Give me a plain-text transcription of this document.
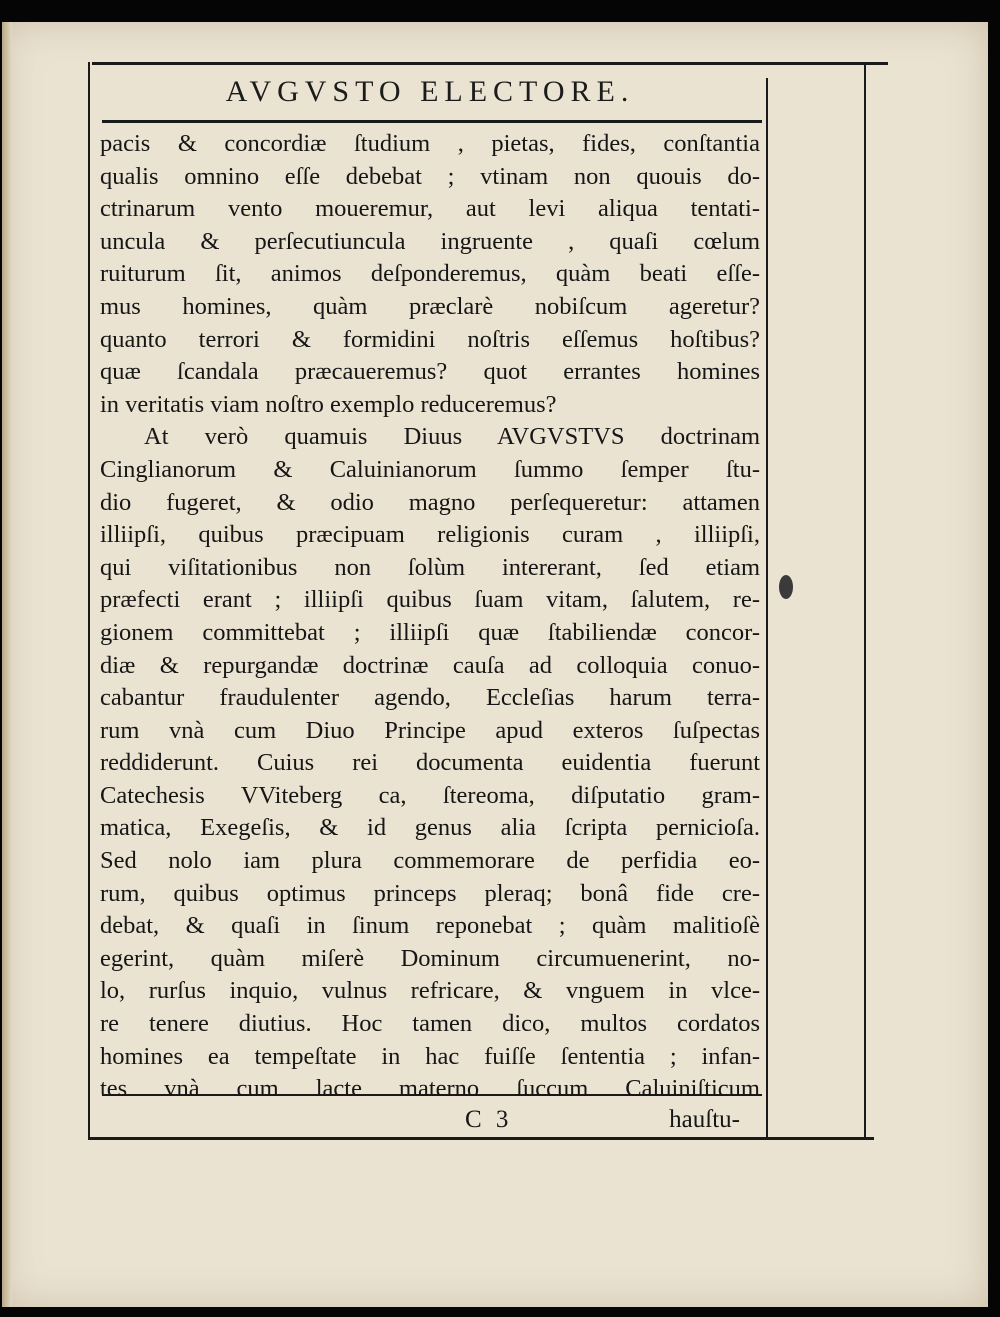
AVGVSTO ELECTORE.
pacis & concordiæ ſtudium , pietas, fides, conſtantia
qualis omnino eſſe debebat ; vtinam non quouis do-
ctrinarum vento moueremur, aut levi aliqua tentati-
uncula & perſecutiuncula ingruente , quaſi cœlum
ruiturum ſit, animos deſponderemus, quàm beati eſſe-
mus homines, quàm præclarè nobiſcum ageretur?
quanto terrori & formidini noſtris eſſemus hoſtibus?
quæ ſcandala præcaueremus? quot errantes homines
in veritatis viam noſtro exemplo reduceremus?
At verò quamuis Diuus AVGVSTVS doctrinam
Cinglianorum & Caluinianorum ſummo ſemper ſtu-
dio fugeret, & odio magno perſequeretur: attamen
illiipſi, quibus præcipuam religionis curam , illiipſi,
qui viſitationibus non ſolùm intererant, ſed etiam
præfecti erant ; illiipſi quibus ſuam vitam, ſalutem, re-
gionem committebat ; illiipſi quæ ſtabiliendæ concor-
diæ & repurgandæ doctrinæ cauſa ad colloquia conuo-
cabantur fraudulenter agendo, Eccleſias harum terra-
rum vnà cum Diuo Principe apud exteros ſuſpectas
reddiderunt. Cuius rei documenta euidentia fuerunt
Catechesis VViteberg ca, ſtereoma, diſputatio gram-
matica, Exegeſis, & id genus alia ſcripta pernicioſa.
Sed nolo iam plura commemorare de perfidia eo-
rum, quibus optimus princeps pleraq; bonâ fide cre-
debat, & quaſi in ſinum reponebat ; quàm malitioſè
egerint, quàm miſerè Dominum circumuenerint, no-
lo, rurſus inquio, vulnus refricare, & vnguem in vlce-
re tenere diutius. Hoc tamen dico, multos cordatos
homines ea tempeſtate in hac fuiſſe ſententia ; infan-
tes vnà cum lacte materno ſuccum Caluiniſticum
C 3	hauſtu-
